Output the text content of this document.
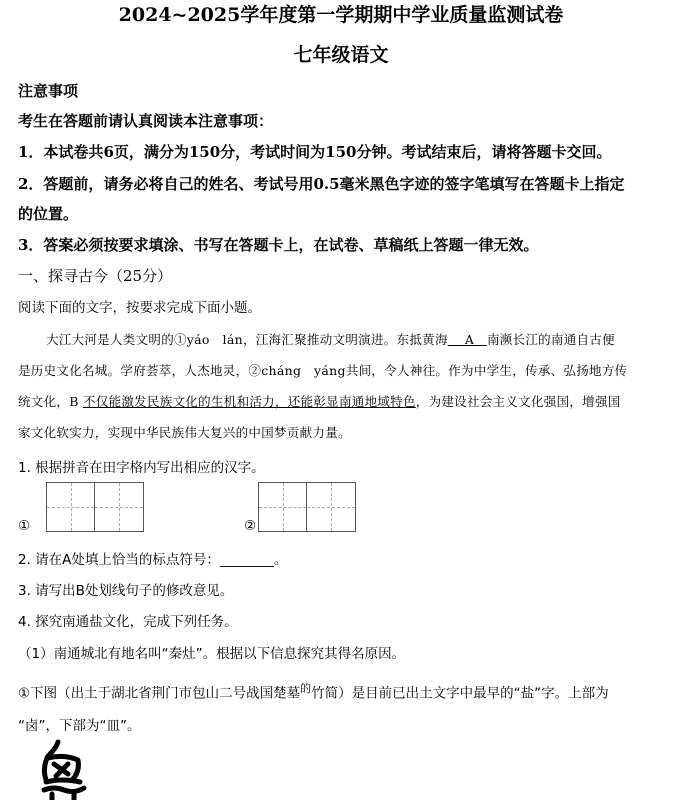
2024~2025学年度第一学期期中学业质量监测试卷
七年级语文
注意事项
考生在答题前请认真阅读本注意事项：
1．本试卷共6页，满分为150分，考试时间为150分钟。考试结束后，请将答题卡交回。
2．答题前，请务必将自己的姓名、考试号用0.5毫米黑色字迹的签字笔填写在答题卡上指定
的位置。
3．答案必须按要求填涂、书写在答题卡上，在试卷、草稿纸上答题一律无效。
一、探寻古今（25分）
阅读下面的文字，按要求完成下面小题。
大江大河是人类文明的①yáo　lán，江海汇聚推动文明演进。东抵黄海　 A　南濒长江的南通自古便
是历史文化名城。学府荟萃，人杰地灵，②cháng　yáng共间，令人神往。作为中学生，传承、弘扬地方传
统文化，B 不仅能激发民族文化的生机和活力，还能彰显南通地域特色，为建设社会主义文化强国，增强国
家文化软实力，实现中华民族伟大复兴的中国梦贡献力量。
1. 根据拼音在田字格内写出相应的汉字。
①	②
2. 请在A处填上恰当的标点符号：________。
3. 请写出B处划线句子的修改意见。
4. 探究南通盐文化，完成下列任务。
（1）南通城北有地名叫“秦灶”。根据以下信息探究其得名原因。
①下图（出土于湖北省荆门市包山二号战国楚墓$^的$竹简）是目前已出土文字中最早的“盐”字。上部为
“卤”，下部为“皿”。
